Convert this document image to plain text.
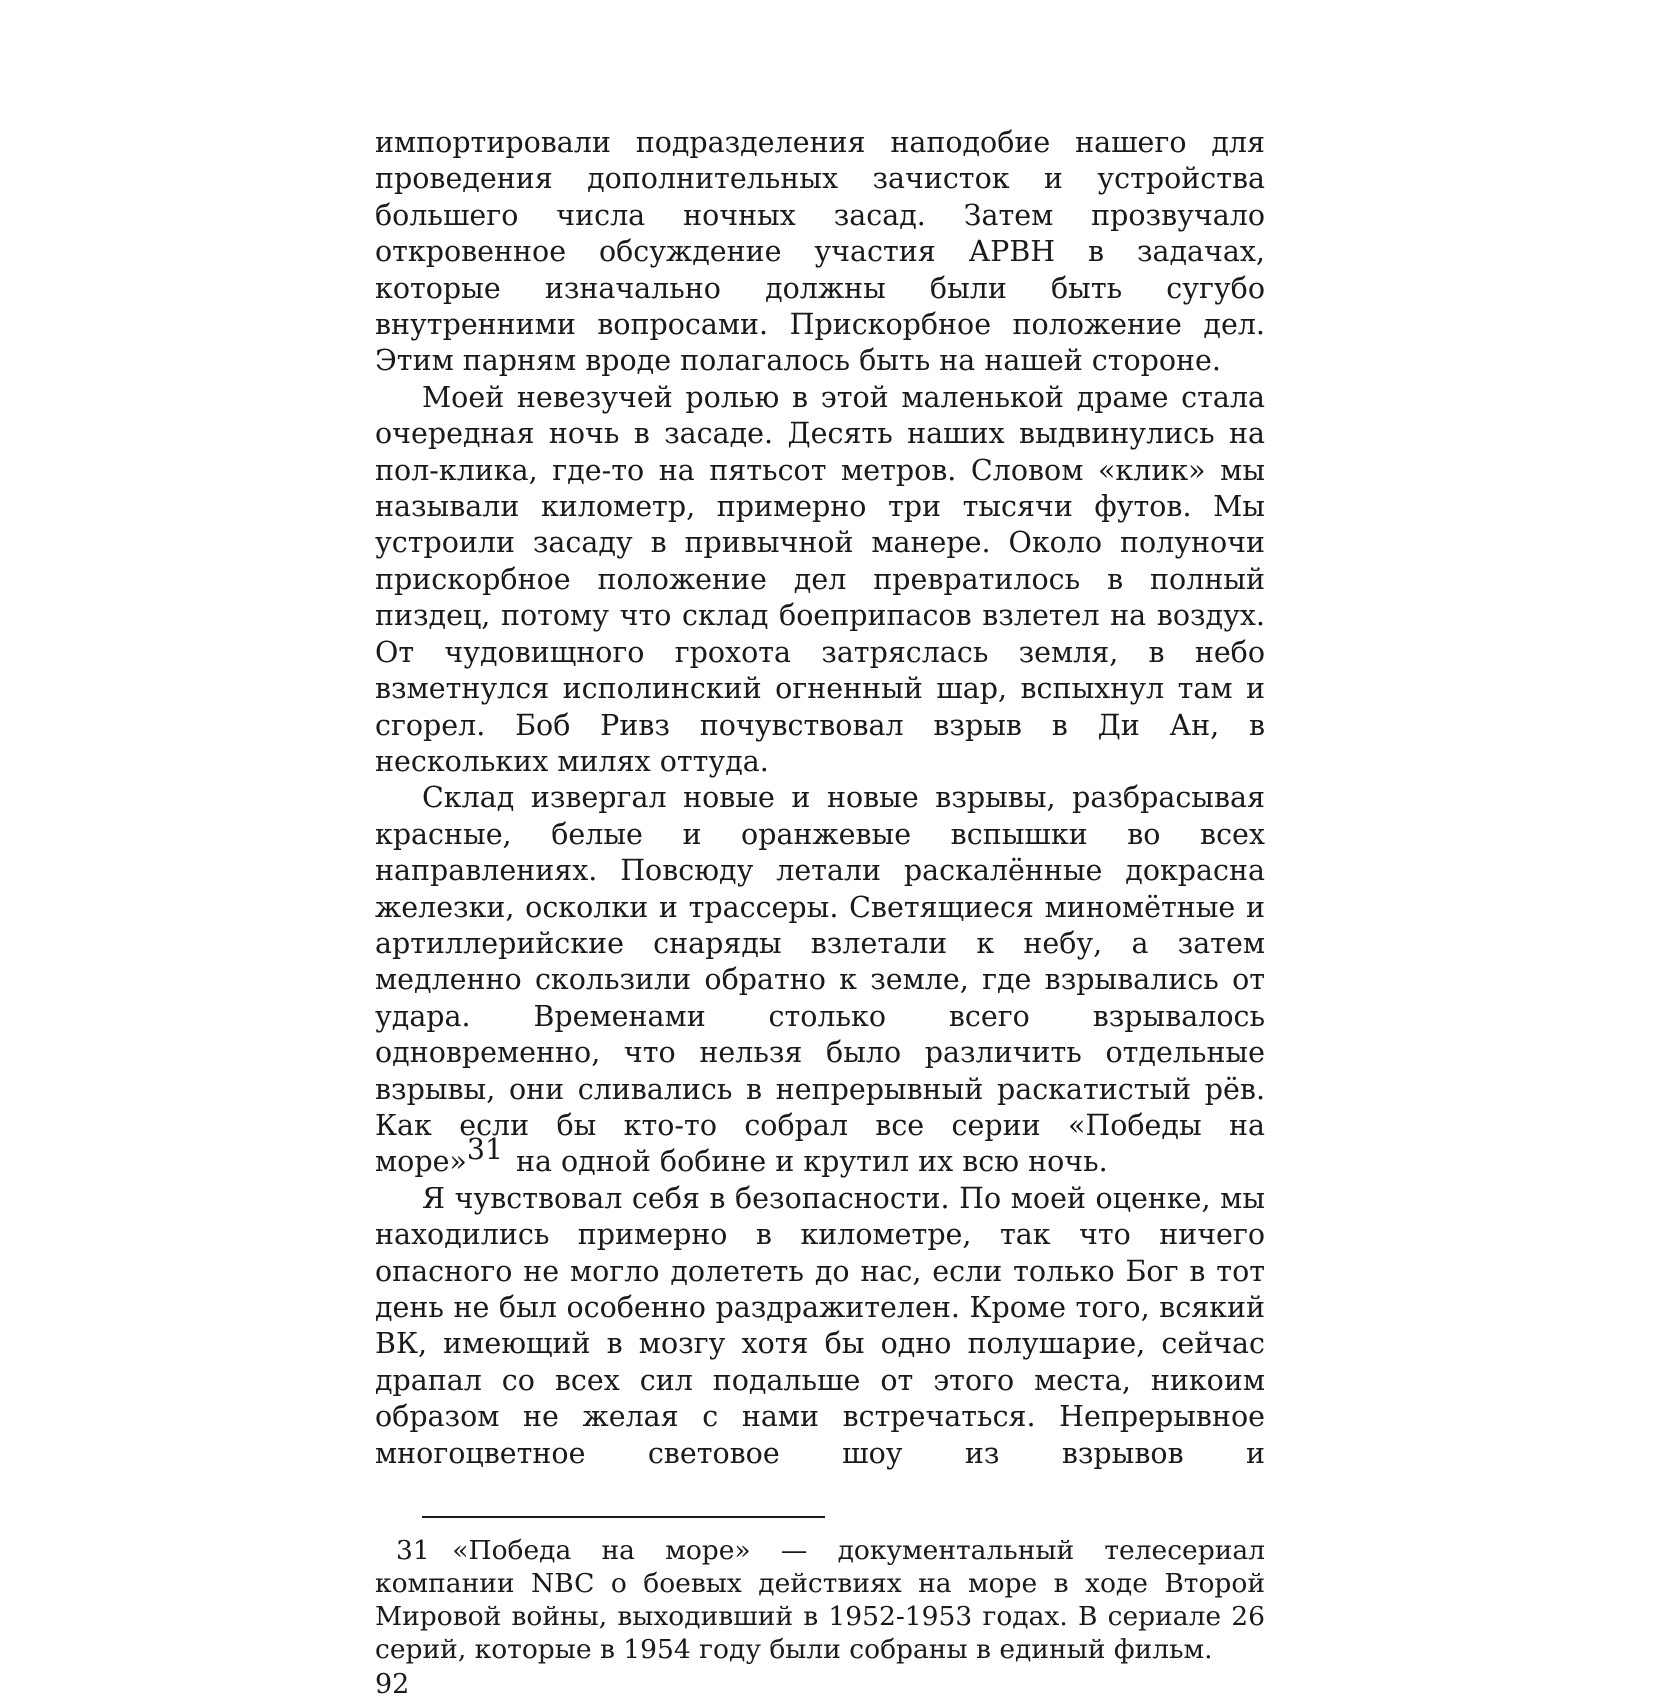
импортировали подразделения наподобие нашего для проведения дополнительных зачисток и устройства большего числа ночных засад. Затем прозвучало откровенное обсуждение участия АРВН в задачах, которые изначально должны были быть сугубо внутренними вопросами. Прискорбное положение дел. Этим парням вроде полагалось быть на нашей стороне.

Моей невезучей ролью в этой маленькой драме стала очередная ночь в засаде. Десять наших выдвинулись на пол-клика, где-то на пятьсот метров. Словом «клик» мы называли километр, примерно три тысячи футов. Мы устроили засаду в привычной манере. Около полуночи прискорбное положение дел превратилось в полный пиздец, потому что склад боеприпасов взлетел на воздух. От чудовищного грохота затряслась земля, в небо взметнулся исполинский огненный шар, вспыхнул там и сгорел. Боб Ривз почувствовал взрыв в Ди Ан, в нескольких милях оттуда.

Склад извергал новые и новые взрывы, разбрасывая красные, белые и оранжевые вспышки во всех направлениях. Повсюду летали раскалённые докрасна железки, осколки и трассеры. Светящиеся миномётные и артиллерийские снаряды взлетали к небу, а затем медленно скользили обратно к земле, где взрывались от удара. Временами столько всего взрывалось одновременно, что нельзя было различить отдельные взрывы, они сливались в непрерывный раскатистый рёв. Как если бы кто-то собрал все серии «Победы на море»31 на одной бобине и крутил их всю ночь.

Я чувствовал себя в безопасности. По моей оценке, мы находились примерно в километре, так что ничего опасного не могло долететь до нас, если только Бог в тот день не был особенно раздражителен. Кроме того, всякий ВК, имеющий в мозгу хотя бы одно полушарие, сейчас драпал со всех сил подальше от этого места, никоим образом не желая с нами встречаться. Непрерывное многоцветное световое шоу из взрывов и

31 «Победа на море» — документальный телесериал компании NBC о боевых действиях на море в ходе Второй Мировой войны, выходивший в 1952-1953 годах. В сериале 26 серий, которые в 1954 году были собраны в единый фильм.
92
